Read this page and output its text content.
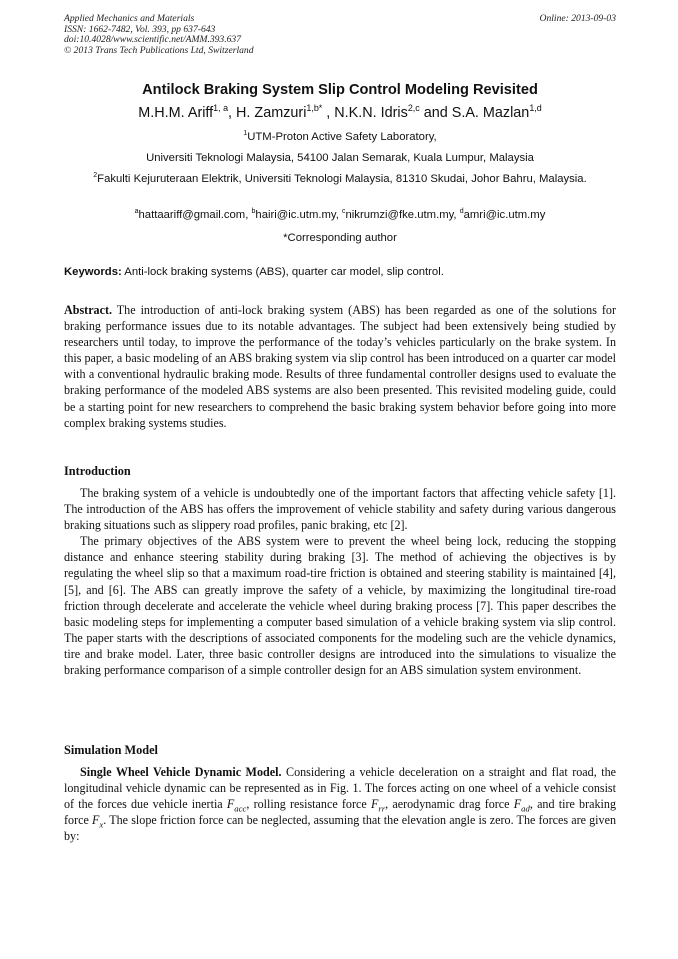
Applied Mechanics and Materials
ISSN: 1662-7482, Vol. 393, pp 637-643
doi:10.4028/www.scientific.net/AMM.393.637
© 2013 Trans Tech Publications Ltd, Switzerland
Online: 2013-09-03
Antilock Braking System Slip Control Modeling Revisited
M.H.M. Ariff$^{1, a}$, H. Zamzuri$^{1,b*}$ , N.K.N. Idris$^{2,c}$ and S.A. Mazlan$^{1,d}$
$^1$UTM-Proton Active Safety Laboratory,
Universiti Teknologi Malaysia, 54100 Jalan Semarak, Kuala Lumpur, Malaysia
$^2$Fakulti Kejuruteraan Elektrik, Universiti Teknologi Malaysia, 81310 Skudai, Johor Bahru, Malaysia.
$^a$hattaariff@gmail.com, $^b$hairi@ic.utm.my, $^c$nikrumzi@fke.utm.my, $^d$amri@ic.utm.my
*Corresponding author
Keywords: Anti-lock braking systems (ABS), quarter car model, slip control.

Abstract. The introduction of anti-lock braking system (ABS) has been regarded as one of the solutions for braking performance issues due to its notable advantages. The subject had been extensively being studied by researchers until today, to improve the performance of the today’s vehicles particularly on the brake system. In this paper, a basic modeling of an ABS braking system via slip control has been introduced on a quarter car model with a conventional hydraulic braking mode. Results of three fundamental controller designs used to evaluate the braking performance of the modeled ABS systems are also been presented. This revisited modeling guide, could be a starting point for new researchers to comprehend the basic braking system behavior before going into more complex braking systems studies.

Introduction

The braking system of a vehicle is undoubtedly one of the important factors that affecting vehicle safety [1]. The introduction of the ABS has offers the improvement of vehicle stability and safety during various dangerous braking situations such as slippery road profiles, panic braking, etc [2].

The primary objectives of the ABS system were to prevent the wheel being lock, reducing the stopping distance and enhance steering stability during braking [3]. The method of achieving the objectives is by regulating the wheel slip so that a maximum road-tire friction is obtained and steering stability is maintained [4], [5], and [6]. The ABS can greatly improve the safety of a vehicle, by maximizing the longitudinal tire-road friction through decelerate and accelerate the vehicle wheel during braking process [7]. This paper describes the basic modeling steps for implementing a computer based simulation of a vehicle braking system via slip control. The paper starts with the descriptions of associated components for the modeling such are the vehicle dynamics, tire and brake model. Later, three basic controller designs are introduced into the simulations to visualize the braking performance comparison of a simple controller design for an ABS simulation system environment.

Simulation Model

Single Wheel Vehicle Dynamic Model. Considering a vehicle deceleration on a straight and flat road, the longitudinal vehicle dynamic can be represented as in Fig. 1. The forces acting on one wheel of a vehicle consist of the forces due vehicle inertia $F_{acc}$, rolling resistance force $F_{rr}$, aerodynamic drag force $F_{ad}$, and tire braking force $F_x$. The slope friction force can be neglected, assuming that the elevation angle is zero. The forces are given by:
